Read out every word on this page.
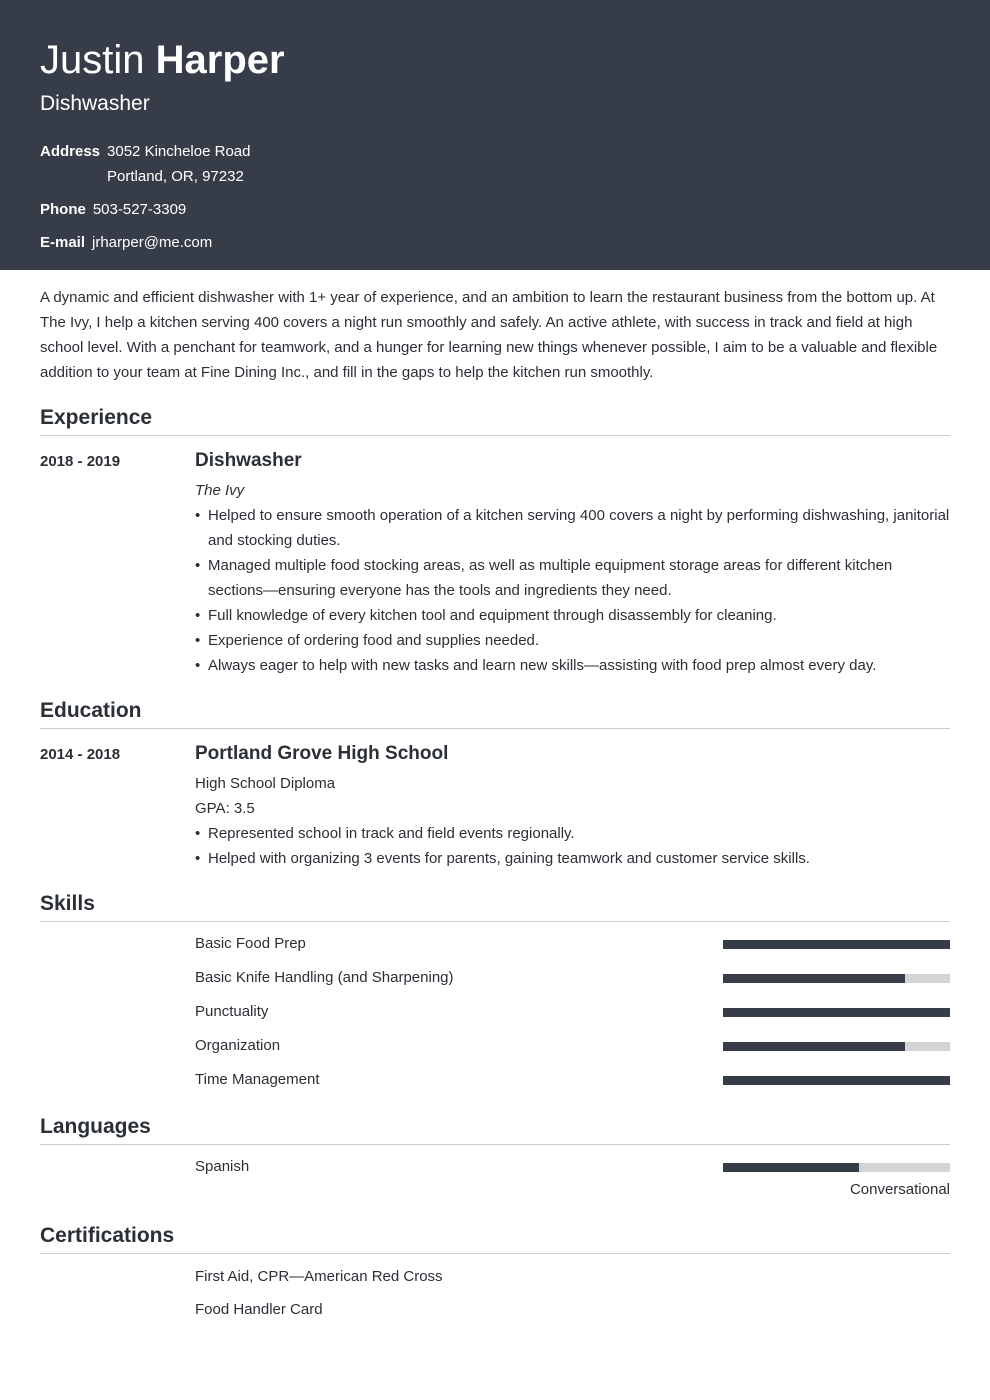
Justin Harper
Dishwasher
Address 3052 Kincheloe Road
Portland, OR, 97232
Phone 503-527-3309
E-mail jrharper@me.com
A dynamic and efficient dishwasher with 1+ year of experience, and an ambition to learn the restaurant business from the bottom up. At The Ivy, I help a kitchen serving 400 covers a night run smoothly and safely. An active athlete, with success in track and field at high school level. With a penchant for teamwork, and a hunger for learning new things whenever possible, I aim to be a valuable and flexible addition to your team at Fine Dining Inc., and fill in the gaps to help the kitchen run smoothly.
Experience
2018 - 2019	Dishwasher
The Ivy
• Helped to ensure smooth operation of a kitchen serving 400 covers a night by performing dishwashing, janitorial and stocking duties.
• Managed multiple food stocking areas, as well as multiple equipment storage areas for different kitchen sections—ensuring everyone has the tools and ingredients they need.
• Full knowledge of every kitchen tool and equipment through disassembly for cleaning.
• Experience of ordering food and supplies needed.
• Always eager to help with new tasks and learn new skills—assisting with food prep almost every day.
Education
2014 - 2018	Portland Grove High School
High School Diploma
GPA: 3.5
• Represented school in track and field events regionally.
• Helped with organizing 3 events for parents, gaining teamwork and customer service skills.
Skills
Basic Food Prep
Basic Knife Handling (and Sharpening)
Punctuality
Organization
Time Management
Languages
Spanish
Conversational
Certifications
First Aid, CPR—American Red Cross
Food Handler Card
